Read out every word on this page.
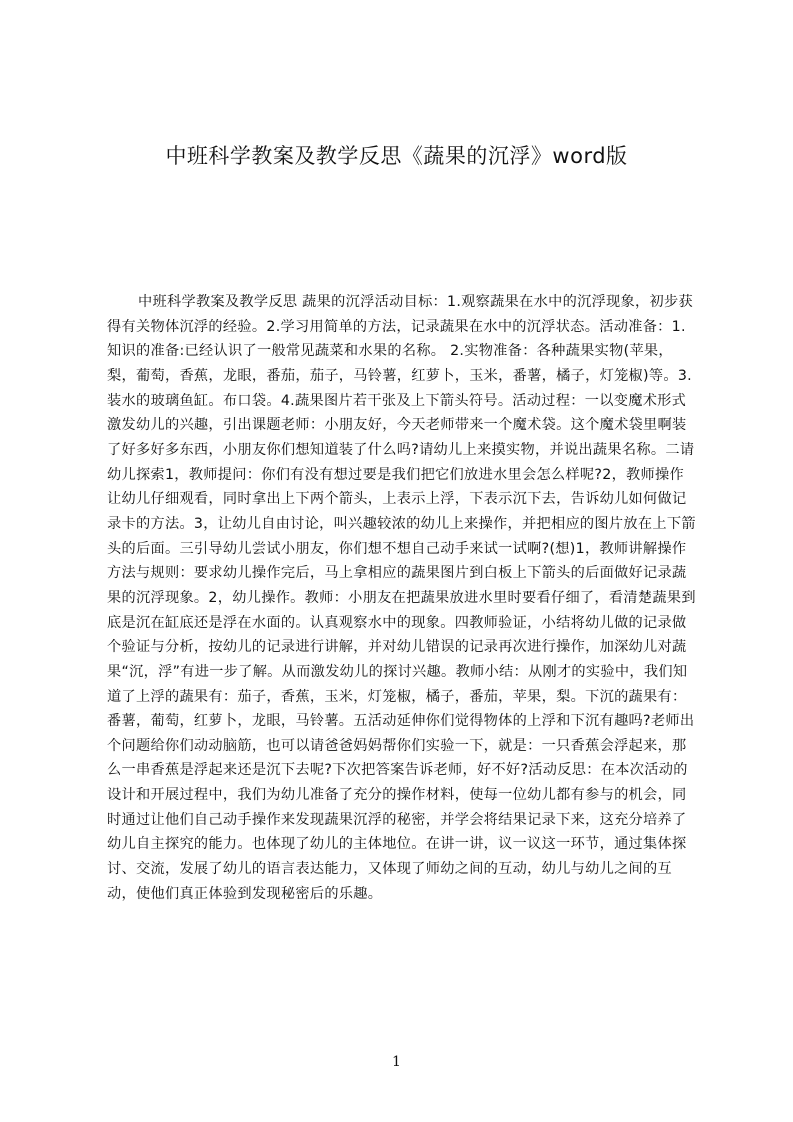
中班科学教案及教学反思《蔬果的沉浮》word版

中班科学教案及教学反思 蔬果的沉浮活动目标：1.观察蔬果在水中的沉浮现象，初步获得有关物体沉浮的经验。2.学习用简单的方法，记录蔬果在水中的沉浮状态。活动准备：1.知识的准备:已经认识了一般常见蔬菜和水果的名称。 2.实物准备：各种蔬果实物(苹果，梨，葡萄，香蕉，龙眼，番茄，茄子，马铃薯，红萝卜，玉米，番薯，橘子，灯笼椒)等。3.装水的玻璃鱼缸。布口袋。4.蔬果图片若干张及上下箭头符号。活动过程：一以变魔术形式激发幼儿的兴趣，引出课题老师：小朋友好，今天老师带来一个魔术袋。这个魔术袋里啊装了好多好多东西，小朋友你们想知道装了什么吗?请幼儿上来摸实物，并说出蔬果名称。二请幼儿探索1，教师提问：你们有没有想过要是我们把它们放进水里会怎么样呢?2，教师操作让幼儿仔细观看，同时拿出上下两个箭头，上表示上浮，下表示沉下去，告诉幼儿如何做记录卡的方法。3，让幼儿自由讨论，叫兴趣较浓的幼儿上来操作，并把相应的图片放在上下箭头的后面。三引导幼儿尝试小朋友，你们想不想自己动手来试一试啊?(想)1，教师讲解操作方法与规则：要求幼儿操作完后，马上拿相应的蔬果图片到白板上下箭头的后面做好记录蔬果的沉浮现象。2，幼儿操作。教师：小朋友在把蔬果放进水里时要看仔细了，看清楚蔬果到底是沉在缸底还是浮在水面的。认真观察水中的现象。四教师验证，小结将幼儿做的记录做个验证与分析，按幼儿的记录进行讲解，并对幼儿错误的记录再次进行操作，加深幼儿对蔬果“沉，浮”有进一步了解。从而激发幼儿的探讨兴趣。教师小结：从刚才的实验中，我们知道了上浮的蔬果有：茄子，香蕉，玉米，灯笼椒，橘子，番茄，苹果，梨。下沉的蔬果有：番薯，葡萄，红萝卜，龙眼，马铃薯。五活动延伸你们觉得物体的上浮和下沉有趣吗?老师出个问题给你们动动脑筋，也可以请爸爸妈妈帮你们实验一下，就是：一只香蕉会浮起来，那么一串香蕉是浮起来还是沉下去呢?下次把答案告诉老师，好不好?活动反思：在本次活动的设计和开展过程中，我们为幼儿准备了充分的操作材料，使每一位幼儿都有参与的机会，同时通过让他们自己动手操作来发现蔬果沉浮的秘密，并学会将结果记录下来，这充分培养了幼儿自主探究的能力。也体现了幼儿的主体地位。在讲一讲，议一议这一环节，通过集体探讨、交流，发展了幼儿的语言表达能力，又体现了师幼之间的互动，幼儿与幼儿之间的互动，使他们真正体验到发现秘密后的乐趣。

1
